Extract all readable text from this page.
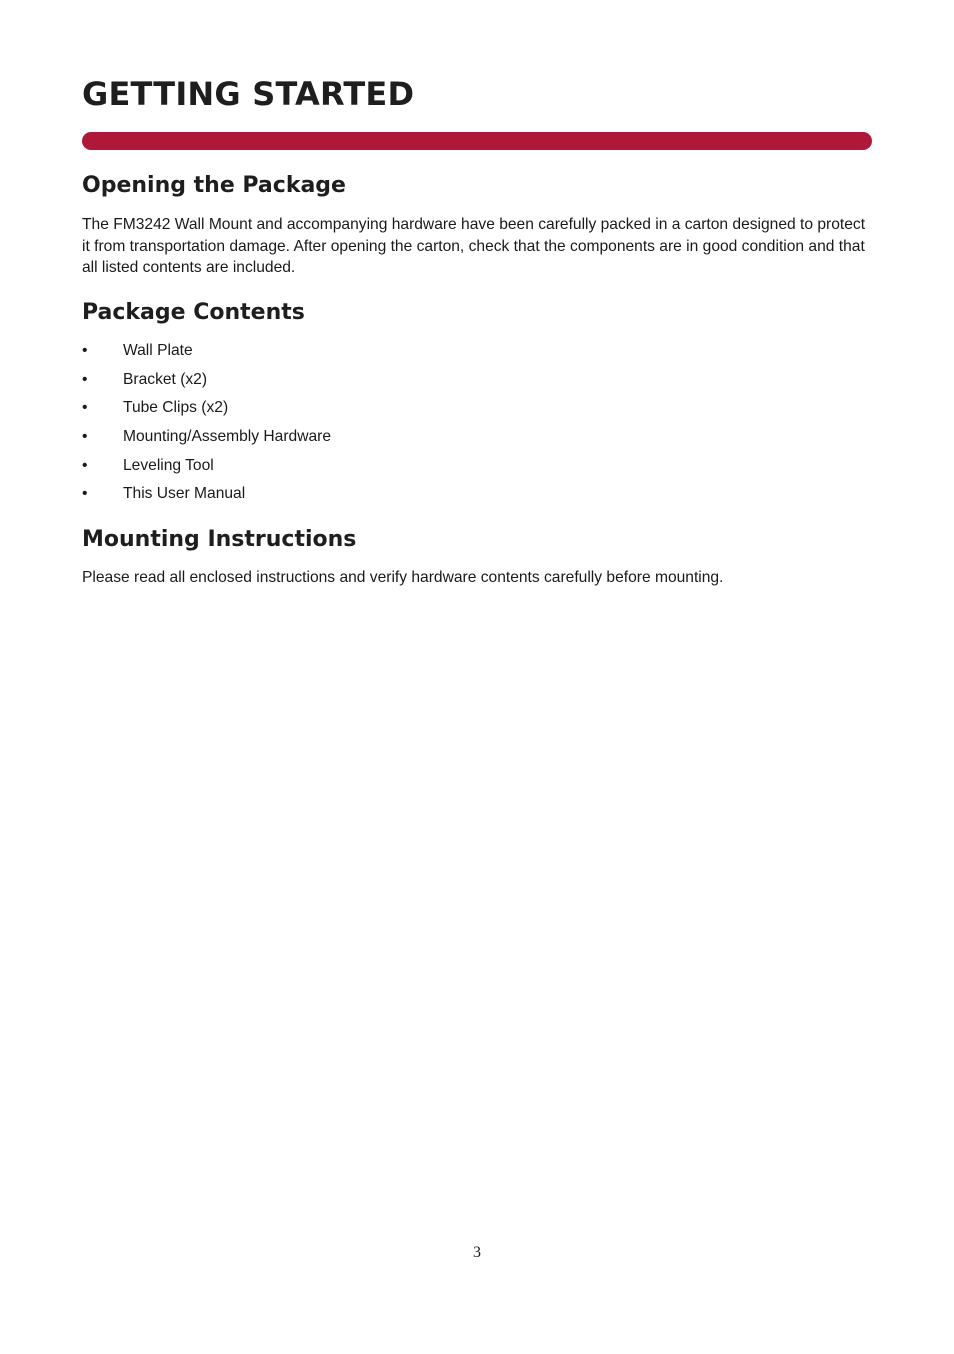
GETTING STARTED
Opening the Package

The FM3242 Wall Mount and accompanying hardware have been carefully packed in a carton designed to protect it from transportation damage. After opening the carton, check that the components are in good condition and that all listed contents are included.

Package Contents
• Wall Plate
• Bracket (x2)
• Tube Clips (x2)
• Mounting/Assembly Hardware
• Leveling Tool
• This User Manual
Mounting Instructions

Please read all enclosed instructions and verify hardware contents carefully before mounting.

3
